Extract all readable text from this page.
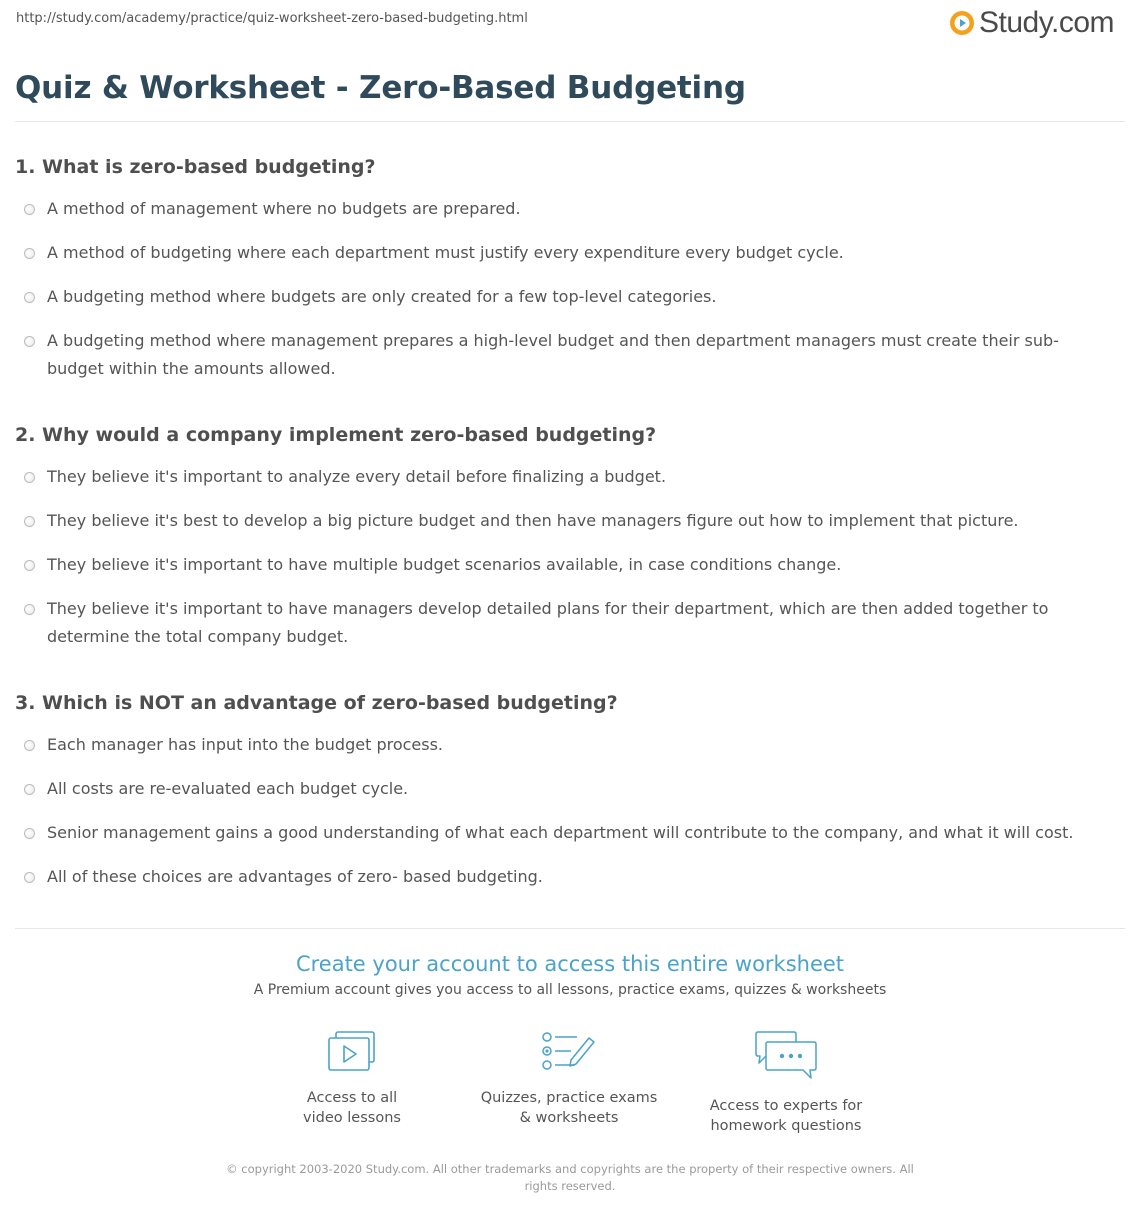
http://study.com/academy/practice/quiz-worksheet-zero-based-budgeting.html	Study.com
Quiz & Worksheet - Zero-Based Budgeting
1. What is zero-based budgeting?
A method of management where no budgets are prepared.
A method of budgeting where each department must justify every expenditure every budget cycle.
A budgeting method where budgets are only created for a few top-level categories.
A budgeting method where management prepares a high-level budget and then department managers must create their sub-budget within the amounts allowed.
2. Why would a company implement zero-based budgeting?
They believe it's important to analyze every detail before finalizing a budget.
They believe it's best to develop a big picture budget and then have managers figure out how to implement that picture.
They believe it's important to have multiple budget scenarios available, in case conditions change.
They believe it's important to have managers develop detailed plans for their department, which are then added together to determine the total company budget.
3. Which is NOT an advantage of zero-based budgeting?
Each manager has input into the budget process.
All costs are re-evaluated each budget cycle.
Senior management gains a good understanding of what each department will contribute to the company, and what it will cost.
All of these choices are advantages of zero- based budgeting.
Create your account to access this entire worksheet
A Premium account gives you access to all lessons, practice exams, quizzes & worksheets
Access to all
video lessons
Quizzes, practice exams
& worksheets
Access to experts for
homework questions
© copyright 2003-2020 Study.com. All other trademarks and copyrights are the property of their respective owners. All rights reserved.
